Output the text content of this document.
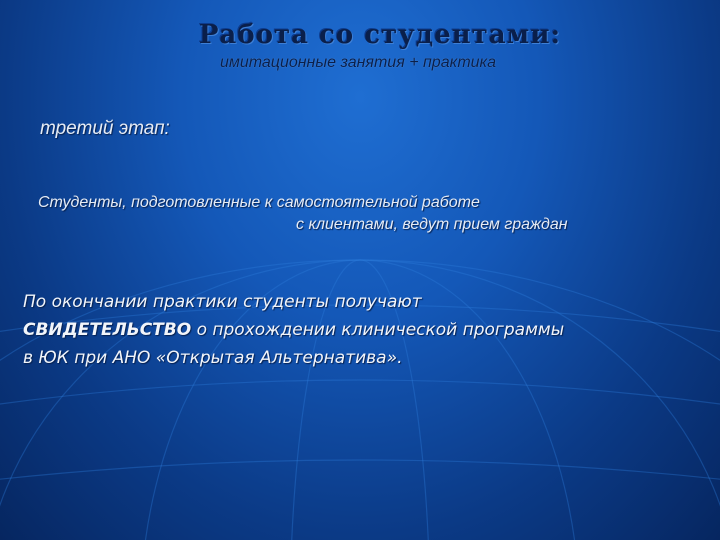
Работа со студентами:
имитационные занятия + практика
третий этап:
Студенты, подготовленные к самостоятельной работе
с клиентами, ведут прием граждан
По окончании практики студенты получают
СВИДЕТЕЛЬСТВО о прохождении клинической программы
в ЮК при АНО «Открытая Альтернатива».
